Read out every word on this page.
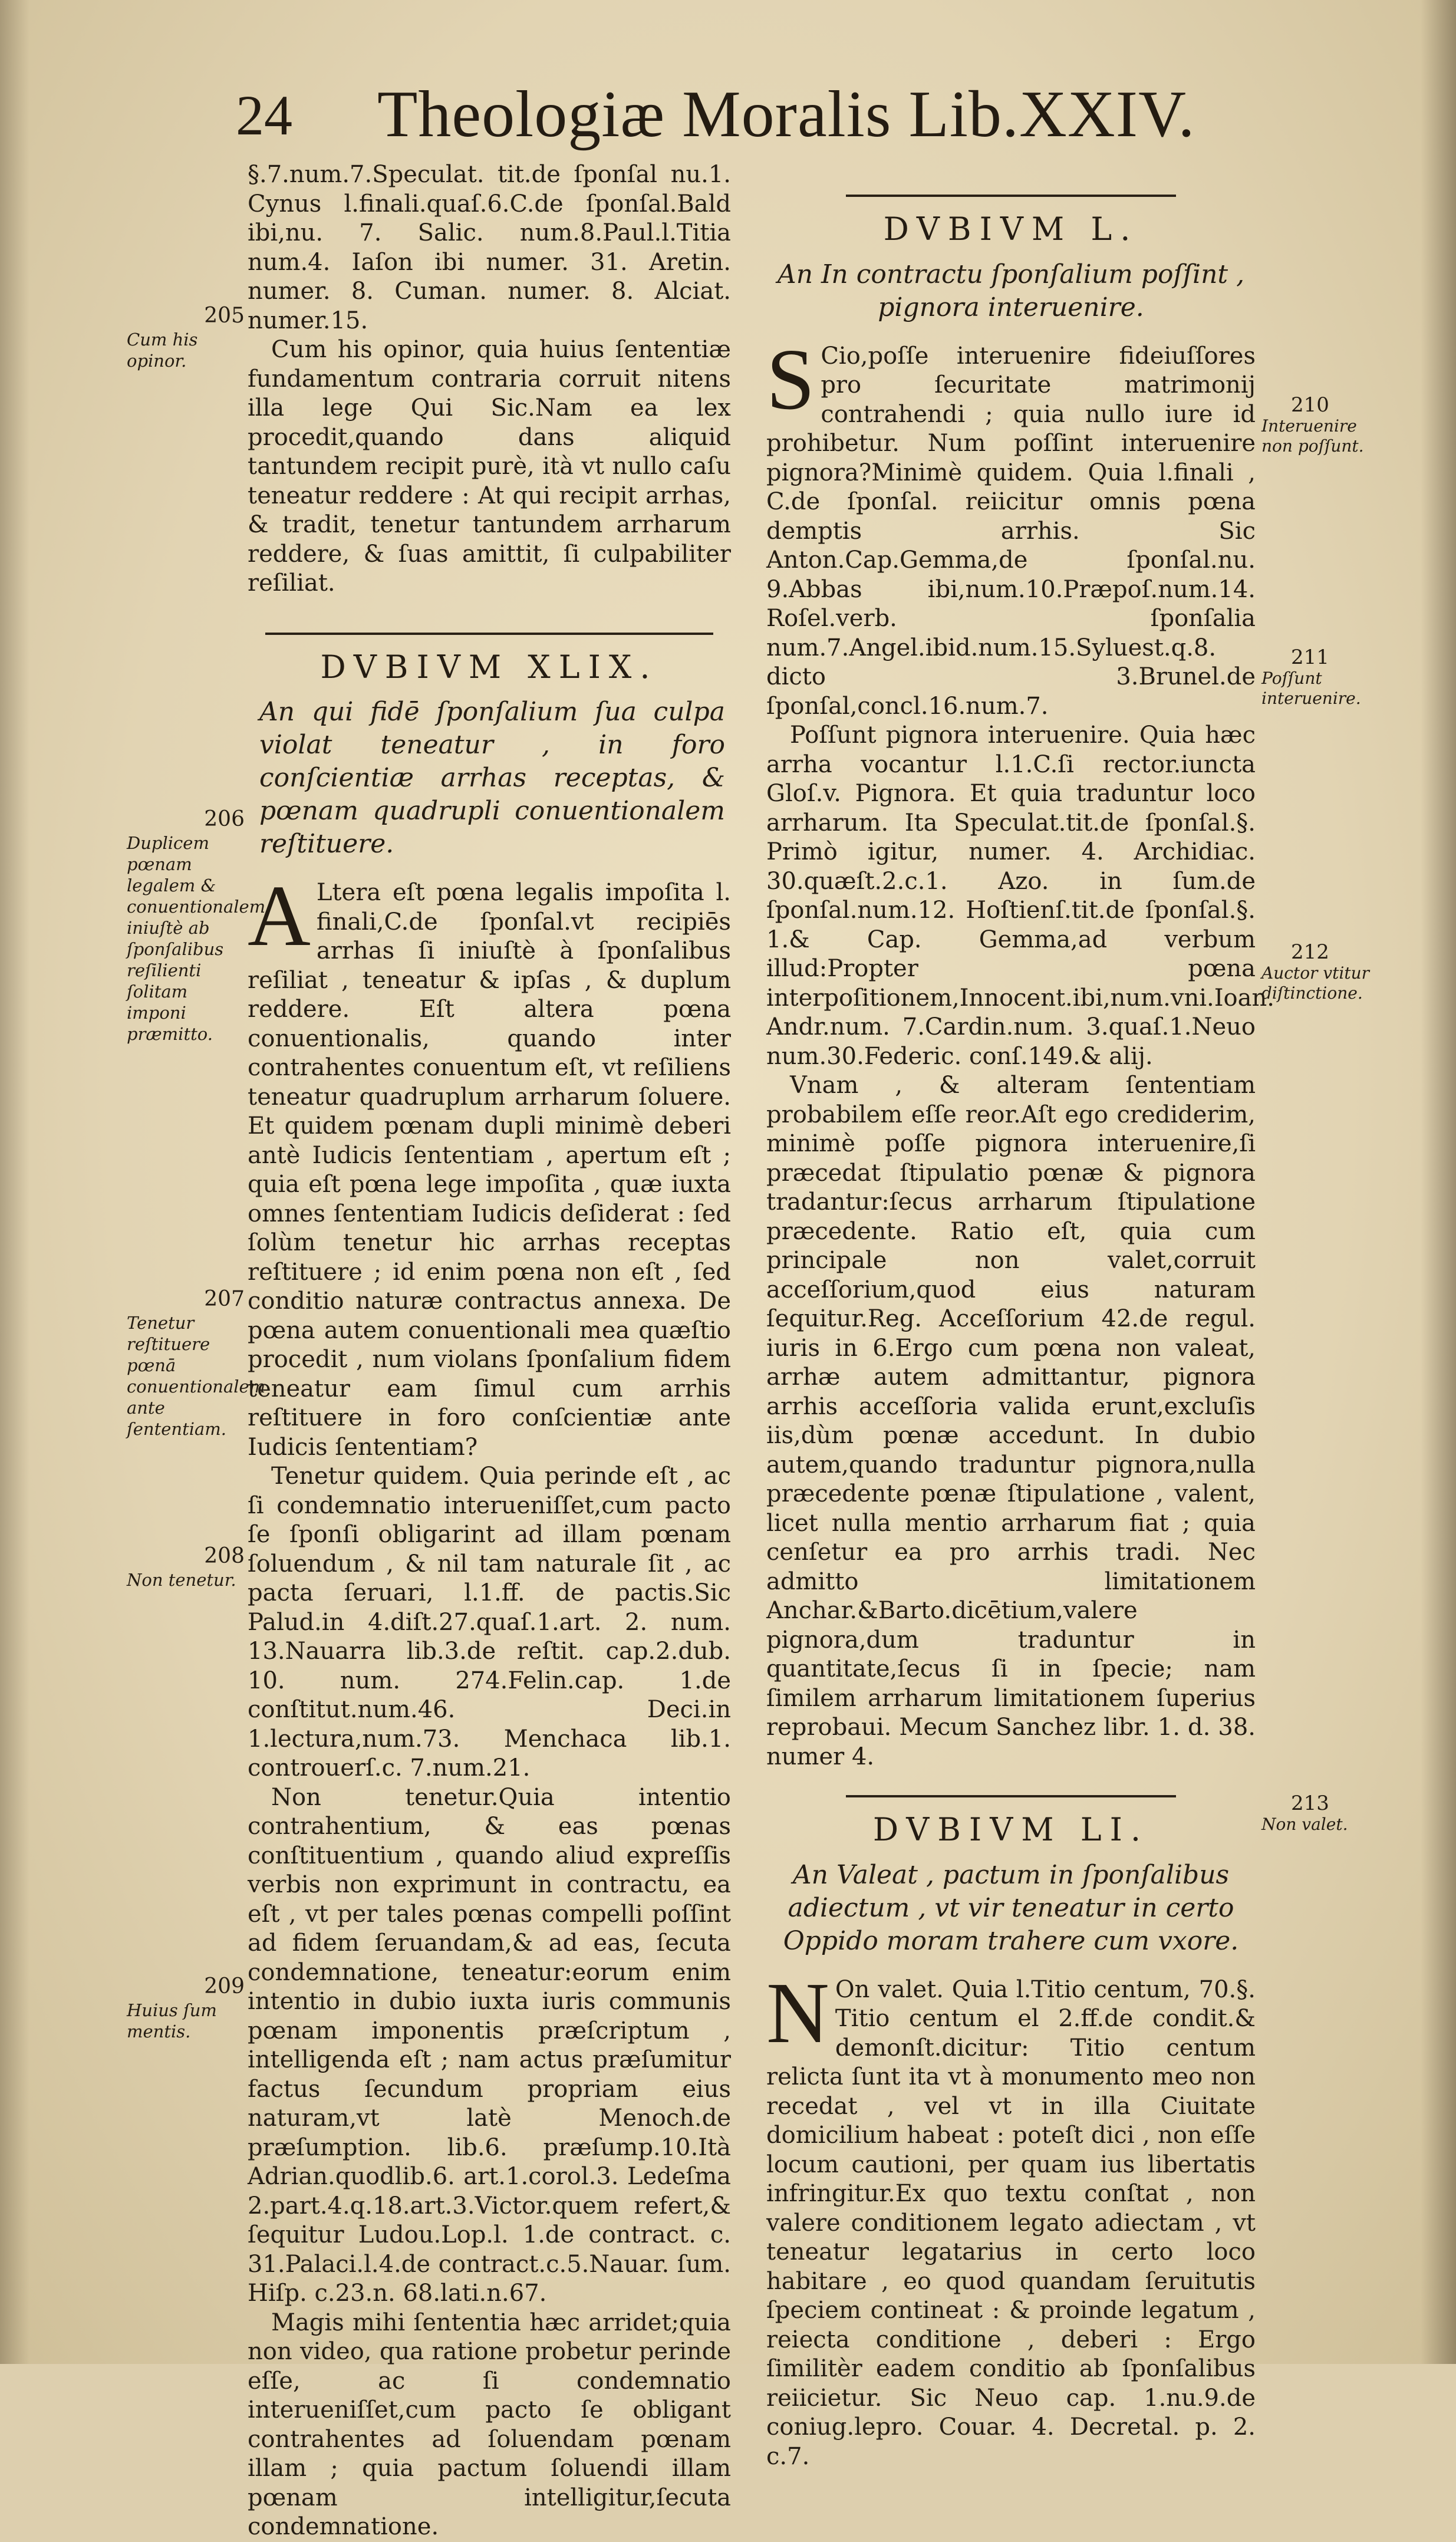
24 Theologiæ Moralis Lib.XXIV.

§.7.num.7.Speculat. tit.de ſponſal nu.1. Cynus l.finali.quaſ.6.C.de ſponſal.Bald ibi,nu. 7. Salic. num.8.Paul.l.Titia num.4. Iaſon ibi numer. 31. Aretin. numer. 8. Cuman. numer. 8. Alciat. numer.15.

Cum his opinor, quia huius ſententiæ fundamentum contraria corruit nitens illa lege Qui Sic.Nam ea lex procedit,quando dans aliquid tantundem recipit purè, ità vt nullo caſu teneatur reddere : At qui recipit arrhas, & tradit, tenetur tantundem arrharum reddere, & ſuas amittit, ſi culpabiliter reſiliat.

DVBIVM XLIX.
An qui fidē ſponſalium ſua culpa violat teneatur , in foro conſcientiæ arrhas receptas, & pœnam quadrupli conuentionalem reſtituere.

A Ltera eſt pœna legalis impoſita l. finali,C.de ſponſal.vt recipiēs arrhas ſi iniuſtè à ſponſalibus reſiliat , teneatur & ipſas , & duplum reddere. Eſt altera pœna conuentionalis, quando inter contrahentes conuentum eſt, vt reſiliens teneatur quadruplum arrharum ſoluere. Et quidem pœnam dupli minimè deberi antè Iudicis ſententiam , apertum eſt ; quia eſt pœna lege impoſita , quæ iuxta omnes ſententiam Iudicis deſiderat : ſed ſolùm tenetur hic arrhas receptas reſtituere ; id enim pœna non eſt , ſed conditio naturæ contractus annexa. De pœna autem conuentionali mea quæſtio procedit , num violans ſponſalium fidem teneatur eam ſimul cum arrhis reſtituere in foro conſcientiæ ante Iudicis ſententiam?

Tenetur quidem. Quia perinde eſt , ac ſi condemnatio interueniſſet,cum pacto ſe ſponſi obligarint ad illam pœnam ſoluendum , & nil tam naturale ſit , ac pacta ſeruari, l.1.ff. de pactis.Sic Palud.in 4.diſt.27.quaſ.1.art. 2. num. 13.Nauarra lib.3.de reſtit. cap.2.dub. 10. num. 274.Felin.cap. 1.de conſtitut.num.46. Deci.in 1.lectura,num.73. Menchaca lib.1. controuerſ.c. 7.num.21.

Non tenetur.Quia intentio contrahentium, & eas pœnas conſtituentium , quando aliud expreſſis verbis non exprimunt in contractu, ea eſt , vt per tales pœnas compelli poſſint ad fidem ſeruandam,& ad eas, ſecuta condemnatione, teneatur:eorum enim intentio in dubio iuxta iuris communis pœnam imponentis præſcriptum , intelligenda eſt ; nam actus præſumitur factus ſecundum propriam eius naturam,vt latè Menoch.de præſumption. lib.6. præſump.10.Ità Adrian.quodlib.6. art.1.corol.3. Ledeſma 2.part.4.q.18.art.3.Victor.quem refert,& ſequitur Ludou.Lop.l. 1.de contract. c. 31.Palaci.l.4.de contract.c.5.Nauar. ſum. Hiſp. c.23.n. 68.lati.n.67.

Magis mihi ſententia hæc arridet;quia non video, qua ratione probetur perinde eſſe, ac ſi condemnatio interueniſſet,cum pacto ſe obligant contrahentes ad ſoluendam pœnam illam ; quia pactum ſoluendi illam pœnam intelligitur,ſecuta condemnatione.

205
Cum his opinor.
206
Duplicem pœnam legalem & conuentionalem iniuſtè ab ſponſalibus reſilienti ſolitam imponi præmitto.
207
Tenetur reſtituere pœnā conuentionalem ante ſententiam.
208
Non tenetur.
209
Huius ſum mentis.
DVBIVM L.
An In contractu ſponſalium poſſint , pignora interuenire.

S Cio,poſſe interuenire fideiuſſores pro ſecuritate matrimonij contrahendi ; quia nullo iure id prohibetur. Num poſſint interuenire pignora?Minimè quidem. Quia l.finali , C.de ſponſal. reiicitur omnis pœna demptis arrhis. Sic Anton.Cap.Gemma,de ſponſal.nu. 9.Abbas ibi,num.10.Præpoſ.num.14. Roſel.verb. ſponſalia num.7.Angel.ibid.num.15.Syluest.q.8. dicto 3.Brunel.de ſponſal,concl.16.num.7.

Poſſunt pignora interuenire. Quia hæc arrha vocantur l.1.C.ſi rector.iuncta Gloſ.v. Pignora. Et quia traduntur loco arrharum. Ita Speculat.tit.de ſponſal.§. Primò igitur, numer. 4. Archidiac. 30.quæſt.2.c.1. Azo. in ſum.de ſponſal.num.12. Hoſtienſ.tit.de ſponſal.§. 1.& Cap. Gemma,ad verbum illud:Propter pœna interpoſitionem,Innocent.ibi,num.vni.Ioan. Andr.num. 7.Cardin.num. 3.quaſ.1.Neuo num.30.Federic. conſ.149.& alij.

Vnam , & alteram ſententiam probabilem eſſe reor.Aſt ego crediderim, minimè poſſe pignora interuenire,ſi præcedat ſtipulatio pœnæ & pignora tradantur:ſecus arrharum ſtipulatione præcedente. Ratio eſt, quia cum principale non valet,corruit acceſſorium,quod eius naturam ſequitur.Reg. Acceſſorium 42.de regul. iuris in 6.Ergo cum pœna non valeat, arrhæ autem admittantur, pignora arrhis acceſſoria valida erunt,excluſis iis,dùm pœnæ accedunt. In dubio autem,quando traduntur pignora,nulla præcedente pœnæ ſtipulatione , valent, licet nulla mentio arrharum fiat ; quia cenſetur ea pro arrhis tradi. Nec admitto limitationem Anchar.&Barto.dicētium,valere pignora,dum traduntur in quantitate,ſecus ſi in ſpecie; nam ſimilem arrharum limitationem ſuperius reprobaui. Mecum Sanchez libr. 1. d. 38. numer 4.

DVBIVM LI.
An Valeat , pactum in ſponſalibus adiectum , vt vir teneatur in certo Oppido moram trahere cum vxore.

N On valet. Quia l.Titio centum, 70.§. Titio centum el 2.ff.de condit.& demonſt.dicitur: Titio centum relicta ſunt ita vt à monumento meo non recedat , vel vt in illa Ciuitate domicilium habeat : poteſt dici , non eſſe locum cautioni, per quam ius libertatis infringitur.Ex quo textu conſtat , non valere conditionem legato adiectam , vt teneatur legatarius in certo loco habitare , eo quod quandam ſeruitutis ſpeciem contineat : & proinde legatum , reiecta conditione , deberi : Ergo ſimilitèr eadem conditio ab ſponſalibus reiicietur. Sic Neuo cap. 1.nu.9.de coniug.lepro. Couar. 4. Decretal. p. 2. c.7.

210
Interuenire non poſſunt.
211
Poſſunt interuenire.
212
Auctor vtitur diſtinctione.
213
Non valet.
